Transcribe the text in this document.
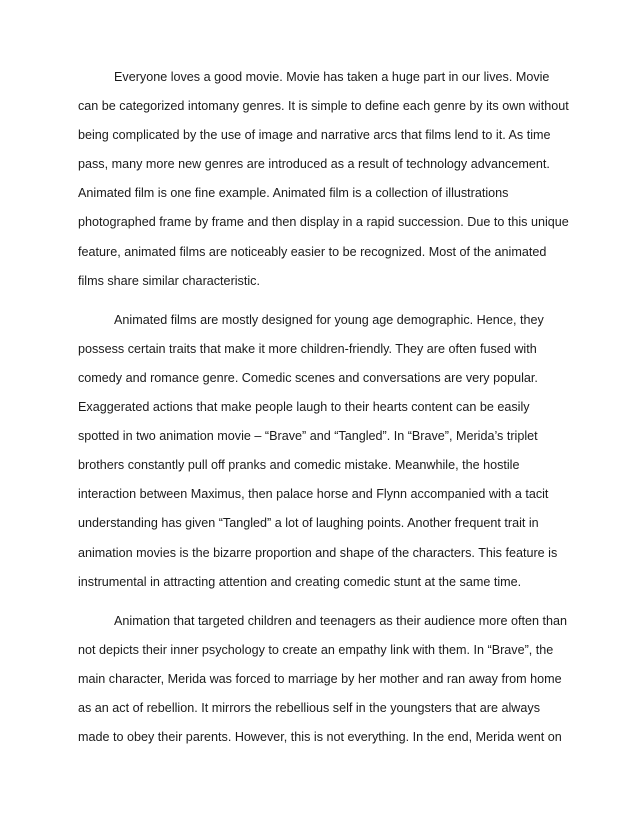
Everyone loves a good movie. Movie has taken a huge part in our lives. Movie
can be categorized intomany genres. It is simple to define each genre by its own without
being complicated by the use of image and narrative arcs that films lend to it. As time
pass, many more new genres are introduced as a result of technology advancement.
Animated film is one fine example. Animated film is a collection of illustrations
photographed frame by frame and then display in a rapid succession. Due to this unique
feature, animated films are noticeably easier to be recognized. Most of the animated
films share similar characteristic.

Animated films are mostly designed for young age demographic. Hence, they
possess certain traits that make it more children-friendly. They are often fused with
comedy and romance genre. Comedic scenes and conversations are very popular.
Exaggerated actions that make people laugh to their hearts content can be easily
spotted in two animation movie – “Brave” and “Tangled”. In “Brave”, Merida’s triplet
brothers constantly pull off pranks and comedic mistake. Meanwhile, the hostile
interaction between Maximus, then palace horse and Flynn accompanied with a tacit
understanding has given “Tangled” a lot of laughing points. Another frequent trait in
animation movies is the bizarre proportion and shape of the characters. This feature is
instrumental in attracting attention and creating comedic stunt at the same time.

Animation that targeted children and teenagers as their audience more often than
not depicts their inner psychology to create an empathy link with them. In “Brave”, the
main character, Merida was forced to marriage by her mother and ran away from home
as an act of rebellion. It mirrors the rebellious self in the youngsters that are always
made to obey their parents. However, this is not everything. In the end, Merida went on
